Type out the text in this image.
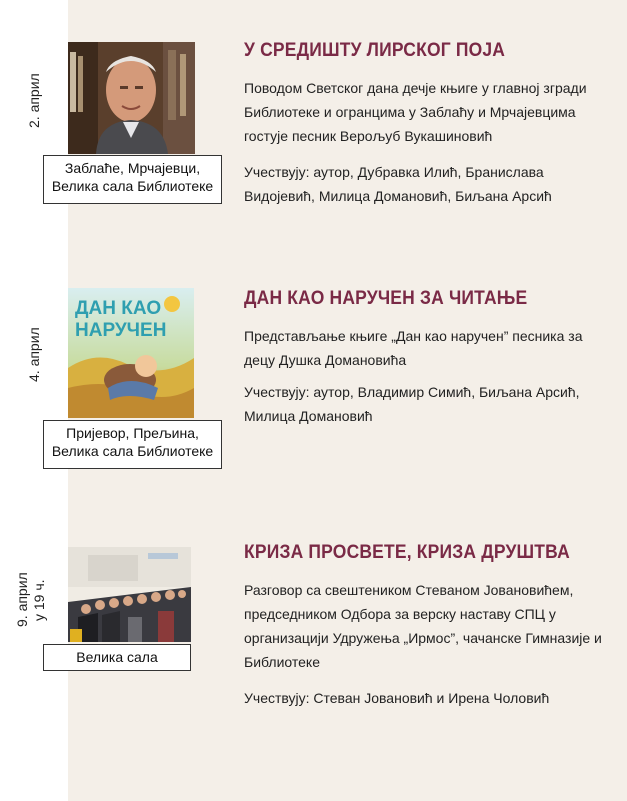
2. април
Заблаће, Мрчајевци,
Велика сала Библиотеке
У СРЕДИШТУ ЛИРСКОГ ПОЈА
Поводом Светског дана дечје књиге у главној згради Библиотеке и огранцима у Заблаћу и Мрчајевцима гостује песник Верољуб Вукашиновић
Учествују: аутор, Дубравка Илић, Бранислава Видојевић, Милица Домановић, Биљана Арсић
4. април
ДАН КАО
НАРУЧЕН
Пријевор, Прељина,
Велика сала Библиотеке
ДАН КАО НАРУЧЕН ЗА ЧИТАЊЕ
Представљање књиге „Дан као наручен” песника за децу Душка Домановића
Учествују: аутор, Владимир Симић, Биљана Арсић, Милица Домановић
9. април
у 19 ч.
Велика сала
КРИЗА ПРОСВЕТЕ, КРИЗА ДРУШТВА
Разговор са свештеником Стеваном Јовановићем, председником Одбора за верску наставу СПЦ у организацији Удружења „Ирмос”, чачанске Гимназије и Библиотеке
Учествују: Стеван Јовановић и Ирена Чоловић
